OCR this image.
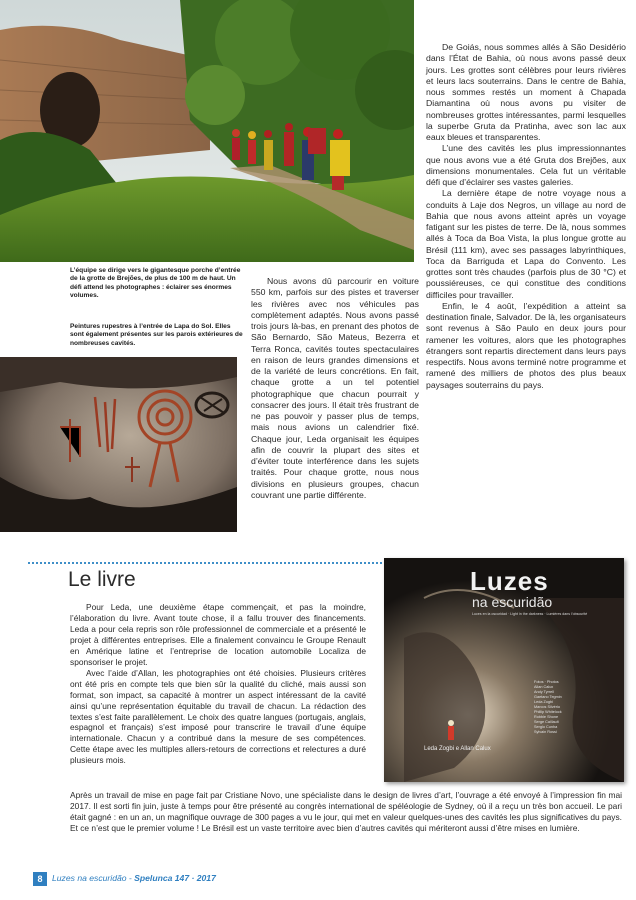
De Goiás, nous sommes allés à São Desidério dans l’État de Bahia, où nous avons passé deux jours. Les grottes sont célèbres pour leurs rivières et leurs lacs souterrains. Dans le centre de Bahia, nous sommes restés un moment à Chapada Diamantina où nous avons pu visiter de nombreuses grottes intéressantes, parmi lesquelles la superbe Gruta da Pratinha, avec son lac aux eaux bleues et transparentes.

L’une des cavités les plus impressionnantes que nous avons vue a été Gruta dos Brejões, aux dimensions monumentales. Cela fut un véritable défi que d’éclairer ses vastes galeries.

La dernière étape de notre voyage nous a conduits à Laje dos Negros, un village au nord de Bahia que nous avons atteint après un voyage fatigant sur les pistes de terre. De là, nous sommes allés à Toca da Boa Vista, la plus longue grotte au Brésil (111 km), avec ses passages labyrinthiques, Toca da Barriguda et Lapa do Convento. Les grottes sont très chaudes (parfois plus de 30 °C) et poussiéreuses, ce qui constitue des conditions difficiles pour travailler.

Enfin, le 4 août, l’expédition a atteint sa destination finale, Salvador. De là, les organisateurs sont revenus à São Paulo en deux jours pour ramener les voitures, alors que les photographes étrangers sont repartis directement dans leurs pays respectifs. Nous avons terminé notre programme et ramené des milliers de photos des plus beaux paysages souterrains du pays.

L’équipe se dirige vers le gigantesque porche d’entrée de la grotte de Brejões, de plus de 100 m de haut. Un défi attend les photographes : éclairer ses énormes volumes.
Peintures rupestres à l’entrée de Lapa do Sol. Elles sont également présentes sur les parois extérieures de nombreuses cavités.

Nous avons dû parcourir en voiture 550 km, parfois sur des pistes et traverser les rivières avec nos véhicules pas complètement adaptés. Nous avons passé trois jours là-bas, en prenant des photos de São Bernardo, São Mateus, Bezerra et Terra Ronca, cavités toutes spectaculaires en raison de leurs grandes dimensions et de la variété de leurs concrétions. En fait, chaque grotte a un tel potentiel photographique que chacun pourrait y consacrer des jours. Il était très frustrant de ne pas pouvoir y passer plus de temps, mais nous avions un calendrier fixé. Chaque jour, Leda organisait les équipes afin de couvrir la plupart des sites et d’éviter toute interférence dans les sujets traités. Pour chaque grotte, nous nous divisions en plusieurs groupes, chacun couvrant une partie différente.

Le livre

Pour Leda, une deuxième étape commençait, et pas la moindre, l’élaboration du livre. Avant toute chose, il a fallu trouver des financements. Leda a pour cela repris son rôle professionnel de commerciale et a présenté le projet à différentes entreprises. Elle a finalement convaincu le Groupe Renault en Amérique latine et l’entreprise de location automobile Localiza de sponsoriser le projet.

Avec l’aide d’Allan, les photographies ont été choisies. Plusieurs critères ont été pris en compte tels que bien sûr la qualité du cliché, mais aussi son format, son impact, sa capacité à montrer un aspect intéressant de la cavité ainsi qu’une représentation équitable du travail de chacun. La rédaction des textes s’est faite parallèlement. Le choix des quatre langues (portugais, anglais, espagnol et français) s’est imposé pour transcrire le travail d’une équipe internationale. Chacun y a contribué dans la mesure de ses compétences. Cette étape avec les multiples allers-retours de corrections et relectures a duré plusieurs mois.

Après un travail de mise en page fait par Cristiane Novo, une spécialiste dans le design de livres d’art, l’ouvrage a été envoyé à l’impression fin mai 2017. Il est sorti fin juin, juste à temps pour être présenté au congrès international de spéléologie de Sydney, où il a reçu un très bon accueil. Le pari était gagné : en un an, un magnifique ouvrage de 300 pages a vu le jour, qui met en valeur quelques-unes des cavités les plus significatives du pays. Et ce n’est que le premier volume ! Le Brésil est un vaste territoire avec bien d’autres cavités qui mériteront aussi d’être mises en lumière.

Luzes
na escuridão
Luces en la oscuridad · Light in the darkness · Lumières dans l’obscurité
Fotos · Photos
Allan Calux
Andy Tyrrell
Gaetano Tegmin
Leda Zogbi
Marcos Silvério
Phillip Whitelock
Robbie Shone
Serge Caillault
Sergio Cunha
Sylvain Rossi
Leda Zogbi e Allan Calux
8	Luzes na escuridão - Spelunca 147 · 2017
